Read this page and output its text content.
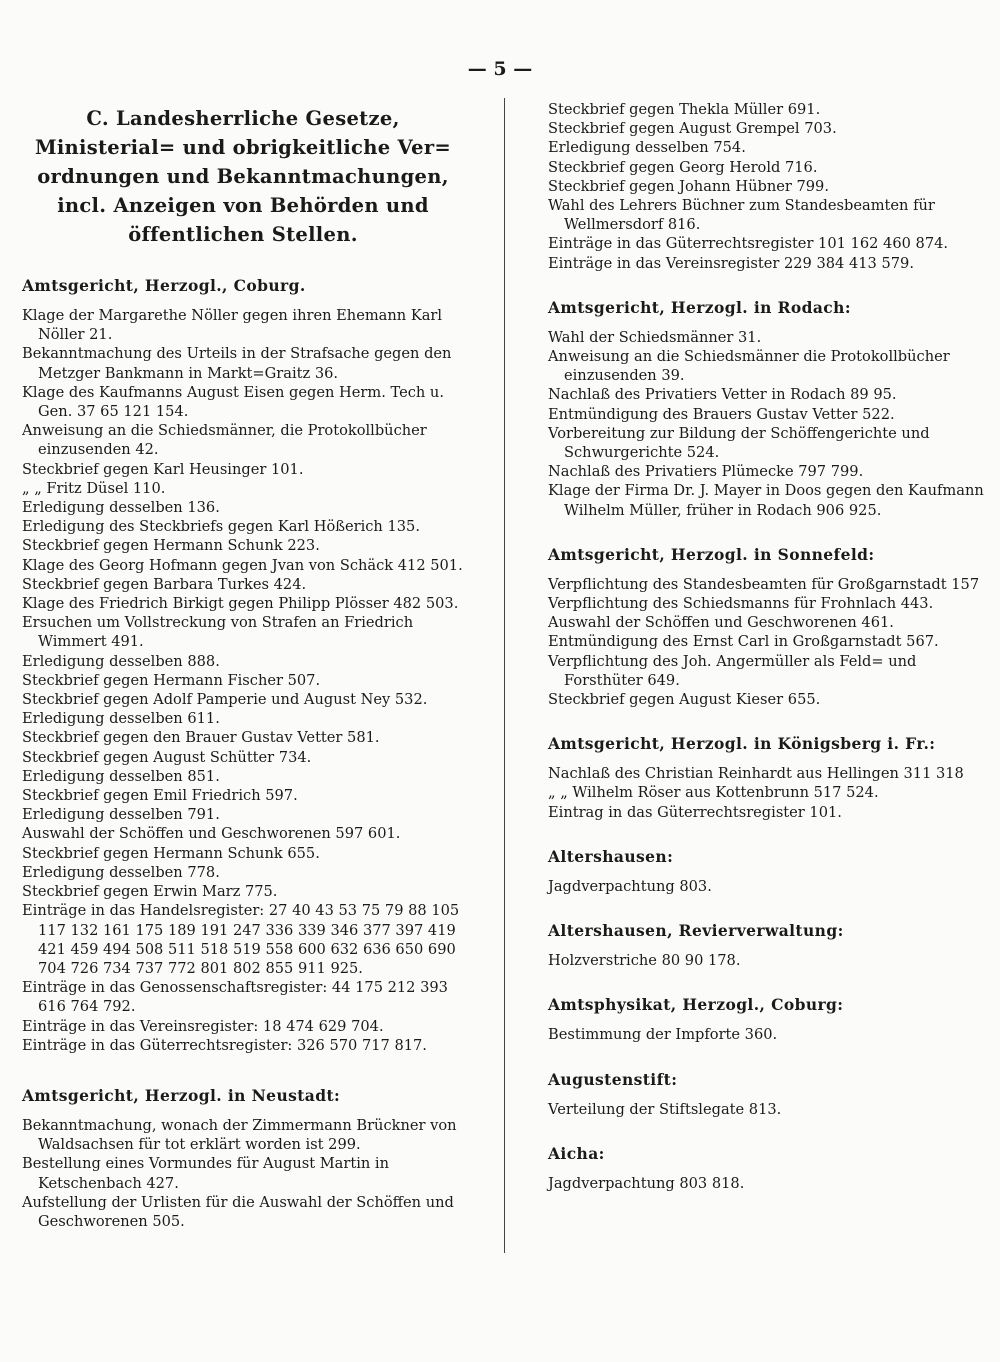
— 5 —
C. Landesherrliche Gesetze, Ministerial= und obrigkeitliche Ver= ordnungen und Bekanntmachungen, incl. Anzeigen von Behörden und öffentlichen Stellen.
Amtsgericht, Herzogl., Coburg.
Klage der Margarethe Nöller gegen ihren Ehemann Karl Nöller 21.
Bekanntmachung des Urteils in der Strafsache gegen den Metzger Bankmann in Markt=Graitz 36.
Klage des Kaufmanns August Eisen gegen Herm. Tech u. Gen. 37 65 121 154.
Anweisung an die Schiedsmänner, die Protokollbücher einzusenden 42.
Steckbrief gegen Karl Heusinger 101.
„ „ Fritz Düsel 110.
Erledigung desselben 136.
Erledigung des Steckbriefs gegen Karl Hößerich 135.
Steckbrief gegen Hermann Schunk 223.
Klage des Georg Hofmann gegen Jvan von Schäck 412 501.
Steckbrief gegen Barbara Turkes 424.
Klage des Friedrich Birkigt gegen Philipp Plösser 482 503.
Ersuchen um Vollstreckung von Strafen an Friedrich Wimmert 491.
Erledigung desselben 888.
Steckbrief gegen Hermann Fischer 507.
Steckbrief gegen Adolf Pamperie und August Ney 532.
Erledigung desselben 611.
Steckbrief gegen den Brauer Gustav Vetter 581.
Steckbrief gegen August Schütter 734.
Erledigung desselben 851.
Steckbrief gegen Emil Friedrich 597.
Erledigung desselben 791.
Auswahl der Schöffen und Geschworenen 597 601.
Steckbrief gegen Hermann Schunk 655.
Erledigung desselben 778.
Steckbrief gegen Erwin Marz 775.
Einträge in das Handelsregister: 27 40 43 53 75 79 88 105 117 132 161 175 189 191 247 336 339 346 377 397 419 421 459 494 508 511 518 519 558 600 632 636 650 690 704 726 734 737 772 801 802 855 911 925.
Einträge in das Genossenschaftsregister: 44 175 212 393 616 764 792.
Einträge in das Vereinsregister: 18 474 629 704.
Einträge in das Güterrechtsregister: 326 570 717 817.
Amtsgericht, Herzogl. in Neustadt:
Bekanntmachung, wonach der Zimmermann Brückner von Waldsachsen für tot erklärt worden ist 299.
Bestellung eines Vormundes für August Martin in Ketschenbach 427.
Aufstellung der Urlisten für die Auswahl der Schöffen und Geschworenen 505.
Steckbrief gegen Thekla Müller 691.
Steckbrief gegen August Grempel 703.
Erledigung desselben 754.
Steckbrief gegen Georg Herold 716.
Steckbrief gegen Johann Hübner 799.
Wahl des Lehrers Büchner zum Standesbeamten für Wellmersdorf 816.
Einträge in das Güterrechtsregister 101 162 460 874.
Einträge in das Vereinsregister 229 384 413 579.
Amtsgericht, Herzogl. in Rodach:
Wahl der Schiedsmänner 31.
Anweisung an die Schiedsmänner die Protokollbücher einzusenden 39.
Nachlaß des Privatiers Vetter in Rodach 89 95.
Entmündigung des Brauers Gustav Vetter 522.
Vorbereitung zur Bildung der Schöffengerichte und Schwurgerichte 524.
Nachlaß des Privatiers Plümecke 797 799.
Klage der Firma Dr. J. Mayer in Doos gegen den Kaufmann Wilhelm Müller, früher in Rodach 906 925.
Amtsgericht, Herzogl. in Sonnefeld:
Verpflichtung des Standesbeamten für Großgarnstadt 157
Verpflichtung des Schiedsmanns für Frohnlach 443.
Auswahl der Schöffen und Geschworenen 461.
Entmündigung des Ernst Carl in Großgarnstadt 567.
Verpflichtung des Joh. Angermüller als Feld= und Forsthüter 649.
Steckbrief gegen August Kieser 655.
Amtsgericht, Herzogl. in Königsberg i. Fr.:
Nachlaß des Christian Reinhardt aus Hellingen 311 318
„ „ Wilhelm Röser aus Kottenbrunn 517 524.
Eintrag in das Güterrechtsregister 101.
Altershausen:
Jagdverpachtung 803.
Altershausen, Revierverwaltung:
Holzverstriche 80 90 178.
Amtsphysikat, Herzogl., Coburg:
Bestimmung der Impforte 360.
Augustenstift:
Verteilung der Stiftslegate 813.
Aicha:
Jagdverpachtung 803 818.
